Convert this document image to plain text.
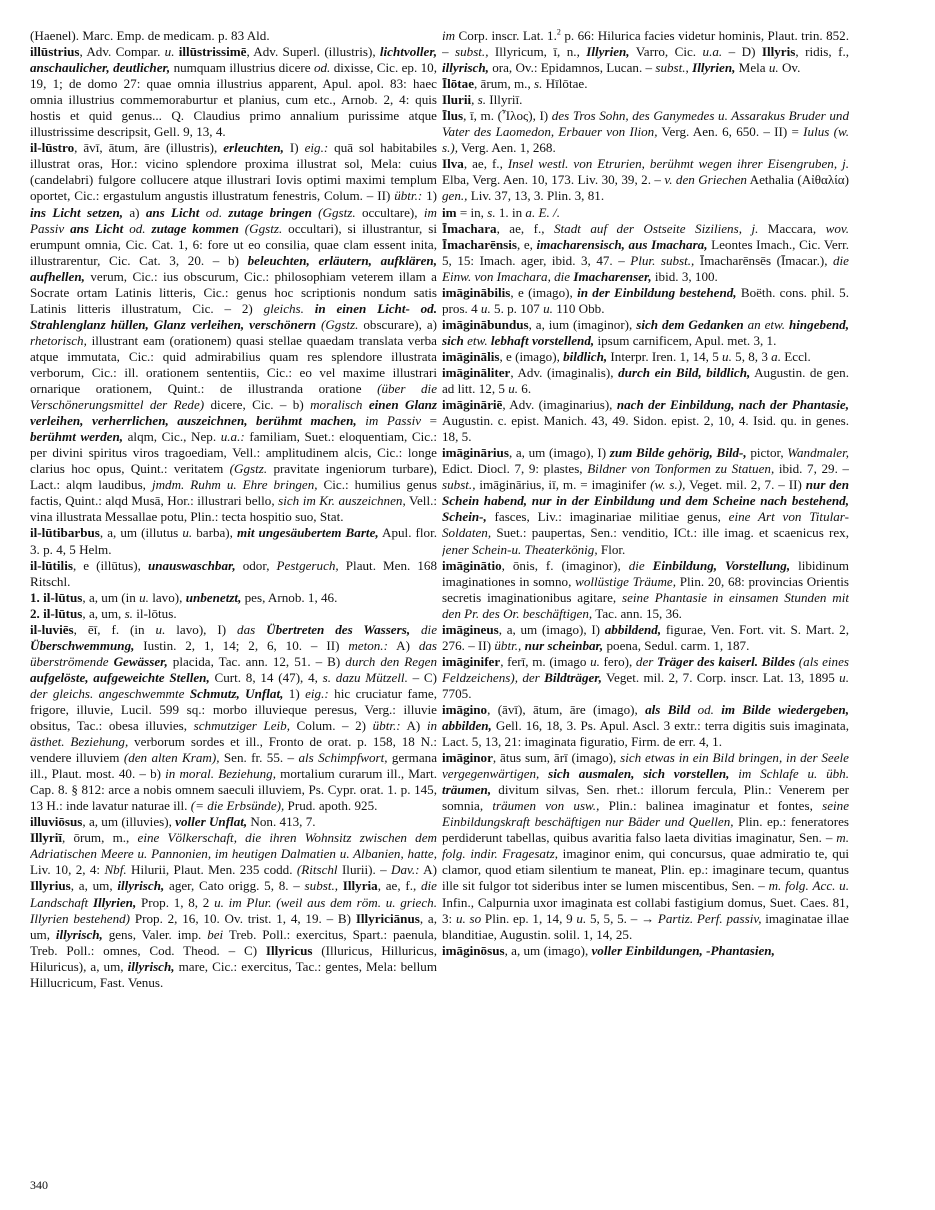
(Haenel). Marc. Emp. de medicam. p. 83 Ald.

illūstrius, Adv. Compar. u. illūstrissimē, Adv. Superl. (illustris), lichtvoller, anschaulicher, deutlicher, numquam illustrius dicere od. dixisse, Cic. ep. 10, 19, 1; de domo 27: quae omnia illustrius apparent, Apul. apol. 83: haec omnia illustrius commemoraburtur et planius, cum etc., Arnob. 2, 4: quis hostis et quid genus... Q. Claudius primo annalium purissime atque illustrissime descripsit, Gell. 9, 13, 4.

il-lūstro, āvī, ātum, āre (illustris), erleuchten, I) eig.: quā sol habitabiles illustrat oras, Hor.: vicino splendore proxima illustrat sol, Mela: cuius (candelabri) fulgore collucere atque illustrari Iovis optimi maximi templum oportet, Cic.: ergastulum angustis illustratum fenestris, Colum. – II) übtr.: 1) ins Licht setzen, a) ans Licht od. zutage bringen (Ggstz. occultare), im Passiv ans Licht od. zutage kommen (Ggstz. occultari), si illustrantur, si erumpunt omnia, Cic. Cat. 1, 6: fore ut eo consilia, quae clam essent inita, illustrarentur, Cic. Cat. 3, 20. – b) beleuchten, erläutern, aufklären, aufhellen, verum, Cic.: ius obscurum, Cic.: philosophiam veterem illam a Socrate ortam Latinis litteris, Cic.: genus hoc scriptionis nondum satis Latinis litteris illustratum, Cic. – 2) gleichs. in einen Licht- od. Strahlenglanz hüllen, Glanz verleihen, verschönern (Ggstz. obscurare), a) rhetorisch, illustrant eam (orationem) quasi stellae quaedam translata verba atque immutata, Cic.: quid admirabilius quam res splendore illustrata verborum, Cic.: ill. orationem sententiis, Cic.: eo vel maxime illustrari ornarique orationem, Quint.: de illustranda oratione (über die Verschönerungsmittel der Rede) dicere, Cic. – b) moralisch einen Glanz verleihen, verherrlichen, auszeichnen, berühmt machen, im Passiv = berühmt werden, alqm, Cic., Nep. u.a.: familiam, Suet.: eloquentiam, Cic.: per divini spiritus viros tragoediam, Vell.: amplitudinem alcis, Cic.: longe clarius hoc opus, Quint.: veritatem (Ggstz. pravitate ingeniorum turbare), Lact.: alqm laudibus, jmdm. Ruhm u. Ehre bringen, Cic.: humilius genus factis, Quint.: alqd Musā, Hor.: illustrari bello, sich im Kr. auszeichnen, Vell.: vina illustrata Messallae potu, Plin.: tecta hospitio suo, Stat.

il-lūtibarbus, a, um (illutus u. barba), mit ungesäubertem Barte, Apul. flor. 3. p. 4, 5 Helm.

il-lūtilis, e (illūtus), unauswaschbar, odor, Pestgeruch, Plaut. Men. 168 Ritschl.

1. il-lūtus, a, um (in u. lavo), unbenetzt, pes, Arnob. 1, 46.

2. il-lūtus, a, um, s. il-lōtus.

il-luviēs, ēī, f. (in u. lavo), I) das Übertreten des Wassers, die Überschwemmung, Iustin. 2, 1, 14; 2, 6, 10. – II) meton.: A) das überströmende Gewässer, placida, Tac. ann. 12, 51. – B) durch den Regen aufgelöste, aufgeweichte Stellen, Curt. 8, 14 (47), 4, s. dazu Mützell. – C) der gleichs. angeschwemmte Schmutz, Unflat, 1) eig.: hic cruciatur fame, frigore, illuvie, Lucil. 599 sq.: morbo illuvieque peresus, Verg.: illuvie obsitus, Tac.: obesa illuvies, schmutziger Leib, Colum. – 2) übtr.: A) in ästhet. Beziehung, verborum sordes et ill., Fronto de orat. p. 158, 18 N.: vendere illuviem (den alten Kram), Sen. fr. 55. – als Schimpfwort, germana ill., Plaut. most. 40. – b) in moral. Beziehung, mortalium curarum ill., Mart. Cap. 8. § 812: arce a nobis omnem saeculi illuviem, Ps. Cypr. orat. 1. p. 145, 13 H.: inde lavatur naturae ill. (= die Erbsünde), Prud. apoth. 925.

illuviōsus, a, um (illuvies), voller Unflat, Non. 413, 7.

Illyriī, ōrum, m., eine Völkerschaft, die ihren Wohnsitz zwischen dem Adriatischen Meere u. Pannonien, im heutigen Dalmatien u. Albanien, hatte, Liv. 10, 2, 4: Nbf. Hilurii, Plaut. Men. 235 codd. (Ritschl Ilurii). – Dav.: A) Illyrius, a, um, illyrisch, ager, Cato origg. 5, 8. – subst., Illyria, ae, f., die Landschaft Illyrien, Prop. 1, 8, 2 u. im Plur. (weil aus dem röm. u. griech. Illyrien bestehend) Prop. 2, 16, 10. Ov. trist. 1, 4, 19. – B) Illyriciānus, a, um, illyrisch, gens, Valer. imp. bei Treb. Poll.: exercitus, Spart.: paenula, Treb. Poll.: omnes, Cod. Theod. – C) Illyricus (Illuricus, Hilluricus, Hiluricus), a, um, illyrisch, mare, Cic.: exercitus, Tac.: gentes, Mela: bellum Hillucricum, Fast. Venus.

im Corp. inscr. Lat. 1.$^2$ p. 66: Hilurica facies videtur hominis, Plaut. trin. 852. – subst., Illyricum, ī, n., Illyrien, Varro, Cic. u.a. – D) Illyris, ridis, f., illyrisch, ora, Ov.: Epidamnos, Lucan. – subst., Illyrien, Mela u. Ov.

Īlōtae, ārum, m., s. Hīlōtae.

Ilurii, s. Illyriī.

Īlus, ī, m. (Ἶλος), I) des Tros Sohn, des Ganymedes u. Assarakus Bruder und Vater des Laomedon, Erbauer von Ilion, Verg. Aen. 6, 650. – II) = Iulus (w. s.), Verg. Aen. 1, 268.

Ilva, ae, f., Insel westl. von Etrurien, berühmt wegen ihrer Eisengruben, j. Elba, Verg. Aen. 10, 173. Liv. 30, 39, 2. – v. den Griechen Aethalia (Αἰθαλία) gen., Liv. 37, 13, 3. Plin. 3, 81.

im = in, s. 1. in a. E. /.

Īmachara, ae, f., Stadt auf der Ostseite Siziliens, j. Maccara, wov. Īmacharēnsis, e, imacharensisch, aus Imachara, Leontes Imach., Cic. Verr. 5, 15: Imach. ager, ibid. 3, 47. – Plur. subst., Īmacharēnsēs (Īmacar.), die Einw. von Imachara, die Imacharenser, ibid. 3, 100.

imāginābilis, e (imago), in der Einbildung bestehend, Boëth. cons. phil. 5. pros. 4 u. 5. p. 107 u. 110 Obb.

imāginābundus, a, ium (imaginor), sich dem Gedanken an etw. hingebend, sich etw. lebhaft vorstellend, ipsum carnificem, Apul. met. 3, 1.

imāginālis, e (imago), bildlich, Interpr. Iren. 1, 14, 5 u. 5, 8, 3 a. Eccl.

imāgināliter, Adv. (imaginalis), durch ein Bild, bildlich, Augustin. de gen. ad litt. 12, 5 u. 6.

imāgināriē, Adv. (imaginarius), nach der Einbildung, nach der Phantasie, Augustin. c. epist. Manich. 43, 49. Sidon. epist. 2, 10, 4. Isid. qu. in genes. 18, 5.

imāginārius, a, um (imago), I) zum Bilde gehörig, Bild-, pictor, Wandmaler, Edict. Diocl. 7, 9: plastes, Bildner von Tonformen zu Statuen, ibid. 7, 29. – subst., imāginārius, iī, m. = imaginifer (w. s.), Veget. mil. 2, 7. – II) nur den Schein habend, nur in der Einbildung und dem Scheine nach bestehend, Schein-, fasces, Liv.: imaginariae militiae genus, eine Art von Titular-Soldaten, Suet.: paupertas, Sen.: venditio, ICt.: ille imag. et scaenicus rex, jener Schein-u. Theaterkönig, Flor.

imāginātio, ōnis, f. (imaginor), die Einbildung, Vorstellung, libidinum imaginationes in somno, wollüstige Träume, Plin. 20, 68: provincias Orientis secretis imaginationibus agitare, seine Phantasie in einsamen Stunden mit den Pr. des Or. beschäftigen, Tac. ann. 15, 36.

imāgineus, a, um (imago), I) abbildend, figurae, Ven. Fort. vit. S. Mart. 2, 276. – II) übtr., nur scheinbar, poena, Sedul. carm. 1, 187.

imāginifer, ferī, m. (imago u. fero), der Träger des kaiserl. Bildes (als eines Feldzeichens), der Bildträger, Veget. mil. 2, 7. Corp. inscr. Lat. 13, 1895 u. 7705.

imāgino, (āvī), ātum, āre (imago), als Bild od. im Bilde wiedergeben, abbilden, Gell. 16, 18, 3. Ps. Apul. Ascl. 3 extr.: terra digitis suis imaginata, Lact. 5, 13, 21: imaginata figuratio, Firm. de err. 4, 1.

imāginor, ātus sum, ārī (imago), sich etwas in ein Bild bringen, in der Seele vergegenwärtigen, sich ausmalen, sich vorstellen, im Schlafe u. übh. träumen, divitum silvas, Sen. rhet.: illorum fercula, Plin.: Venerem per somnia, träumen von usw., Plin.: balinea imaginatur et fontes, seine Einbildungskraft beschäftigen nur Bäder und Quellen, Plin. ep.: feneratores perdiderunt tabellas, quibus avaritia falso laeta divitias imaginatur, Sen. – m. folg. indir. Fragesatz, imaginor enim, qui concursus, quae admiratio te, qui clamor, quod etiam silentium te maneat, Plin. ep.: imaginare tecum, quantus ille sit fulgor tot sideribus inter se lumen miscentibus, Sen. – m. folg. Acc. u. Infin., Calpurnia uxor imaginata est collabi fastigium domus, Suet. Caes. 81, 3: u. so Plin. ep. 1, 14, 9 u. 5, 5, 5. – → Partiz. Perf. passiv, imaginatae illae blanditiae, Augustin. solil. 1, 14, 25.

imāginōsus, a, um (imago), voller Einbildungen, -Phantasien,

340
